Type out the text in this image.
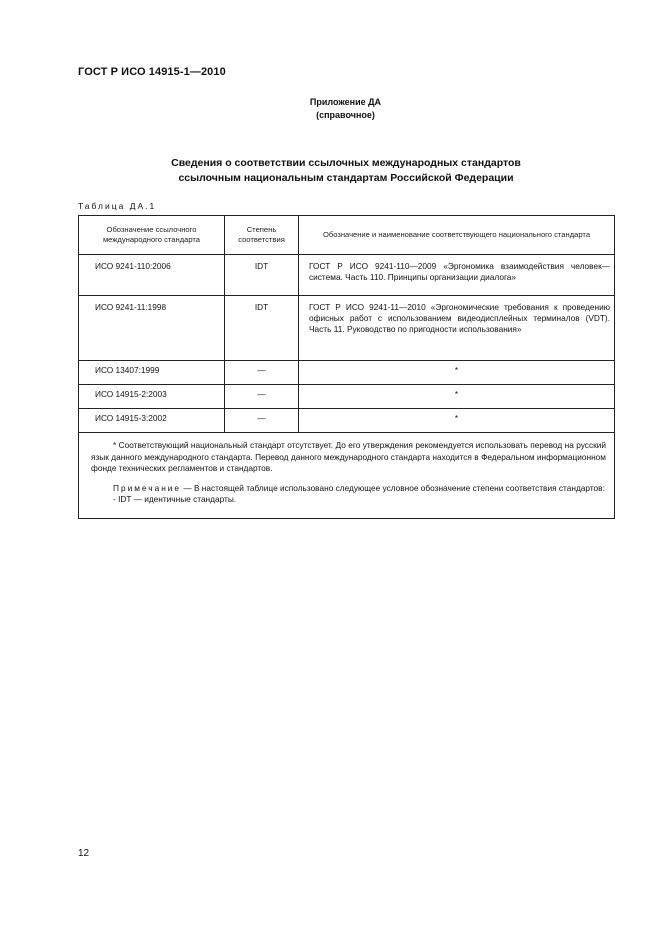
ГОСТ Р ИСО 14915-1—2010
Приложение ДА
(справочное)
Сведения о соответствии ссылочных международных стандартов
ссылочным национальным стандартам Российской Федерации
Таблица ДА.1
Обозначение ссылочного международного стандарта	Степень соответствия	Обозначение и наименование соответствующего национального стандарта
ИСО 9241-110:2006	IDT	ГОСТ Р ИСО 9241-110—2009 «Эргономика взаимодействия человек—система. Часть 110. Принципы организации диалога»
ИСО 9241-11:1998	IDT	ГОСТ Р ИСО 9241-11—2010 «Эргономические требования к проведению офисных работ с использованием видеодисплейных терминалов (VDT). Часть 11. Руководство по пригодности использования»
ИСО 13407:1999	—	*
ИСО 14915-2:2003	—	*
ИСО 14915-3:2002	—	*

* Соответствующий национальный стандарт отсутствует. До его утверждения рекомендуется использовать перевод на русский язык данного международного стандарта. Перевод данного международного стандарта находится в Федеральном информационном фонде технических регламентов и стандартов.

Примечание — В настоящей таблице использовано следующее условное обозначение степени соответствия стандартов:

- IDT — идентичные стандарты.		

12
